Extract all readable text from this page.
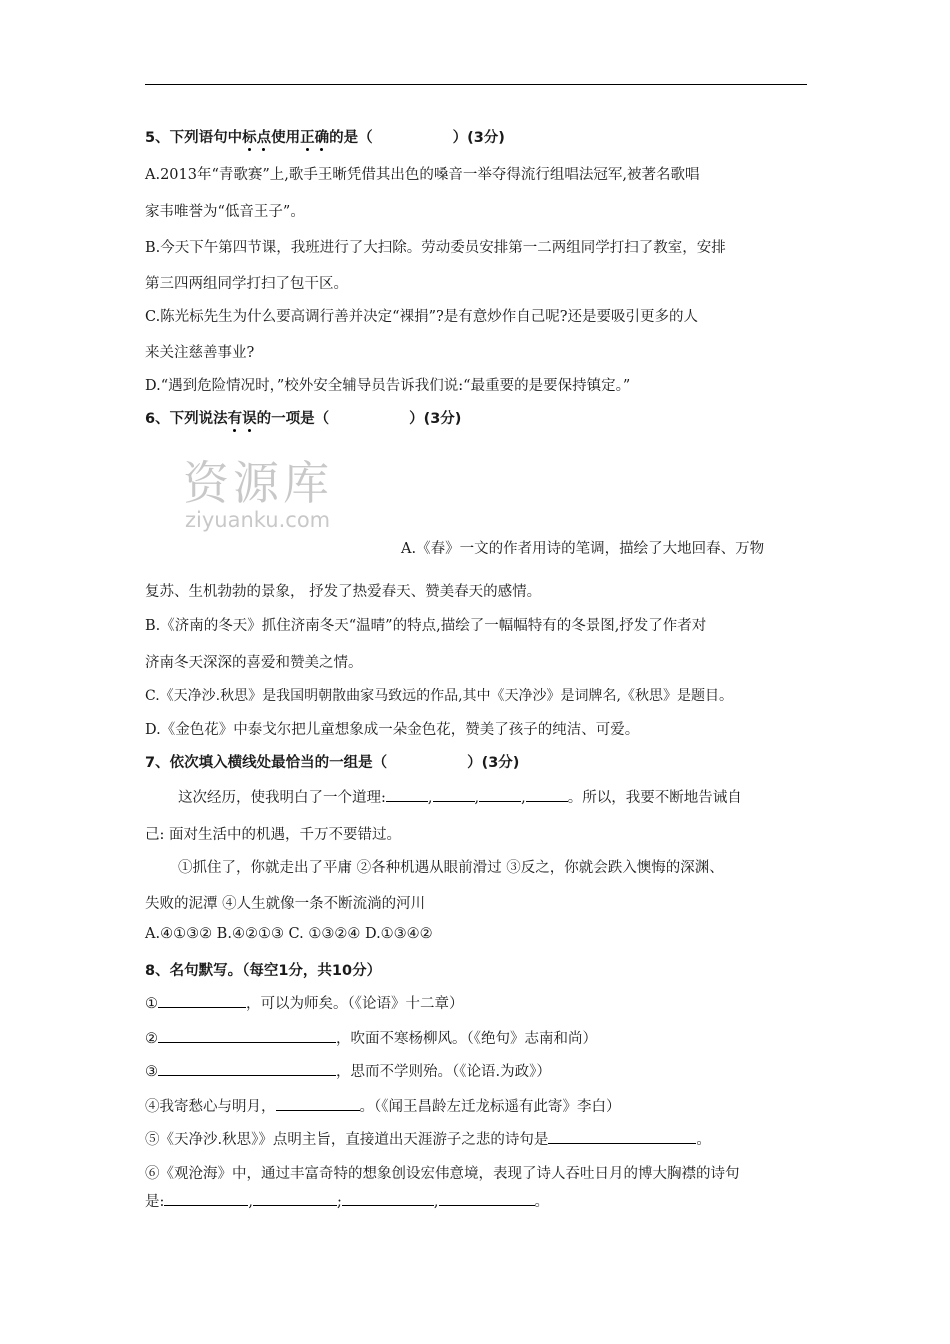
5、下列语句中标点使用正确的是（	）(3分)
A.2013年“青歌赛”上,歌手王晰凭借其出色的嗓音一举夺得流行组唱法冠军,被著名歌唱
家韦唯誉为“低音王子”。
B.今天下午第四节课，我班进行了大扫除。劳动委员安排第一二两组同学打扫了教室，安排
第三四两组同学打扫了包干区。
C.陈光标先生为什么要高调行善并决定“裸捐”?是有意炒作自己呢?还是要吸引更多的人
来关注慈善事业?
D.“遇到危险情况时，”校外安全辅导员告诉我们说:“最重要的是要保持镇定。”
6、下列说法有误的一项是（	）(3分)
资源库
ziyuanku.com
A.《春》一文的作者用诗的笔调，描绘了大地回春、万物
复苏、生机勃勃的景象， 抒发了热爱春天、赞美春天的感情。
B.《济南的冬天》抓住济南冬天“温晴”的特点,描绘了一幅幅特有的冬景图,抒发了作者对
济南冬天深深的喜爱和赞美之情。
C.《天净沙.秋思》是我国明朝散曲家马致远的作品,其中《天净沙》是词牌名,《秋思》是题目。
D.《金色花》中泰戈尔把儿童想象成一朵金色花，赞美了孩子的纯洁、可爱。
7、依次填入横线处最恰当的一组是（	）(3分)
这次经历，使我明白了一个道理:	,	,	,	。所以，我要不断地告诫自
己: 面对生活中的机遇，千万不要错过。
①抓住了，你就走出了平庸 ②各种机遇从眼前滑过 ③反之，你就会跌入懊悔的深渊、
失败的泥潭 ④人生就像一条不断流淌的河川
A.④①③② B.④②①③ C. ①③②④ D.①③④②
8、名句默写。（每空1分，共10分）
①	，可以为师矣。（《论语》十二章）
②	，吹面不寒杨柳风。（《绝句》志南和尚）
③	，思而不学则殆。（《论语.为政》）
④我寄愁心与明月，	。（《闻王昌龄左迁龙标遥有此寄》李白）
⑤《天净沙.秋思》》点明主旨，直接道出天涯游子之悲的诗句是	。
⑥《观沧海》中，通过丰富奇特的想象创设宏伟意境，表现了诗人吞吐日月的博大胸襟的诗句
是:	,	;	,	。
